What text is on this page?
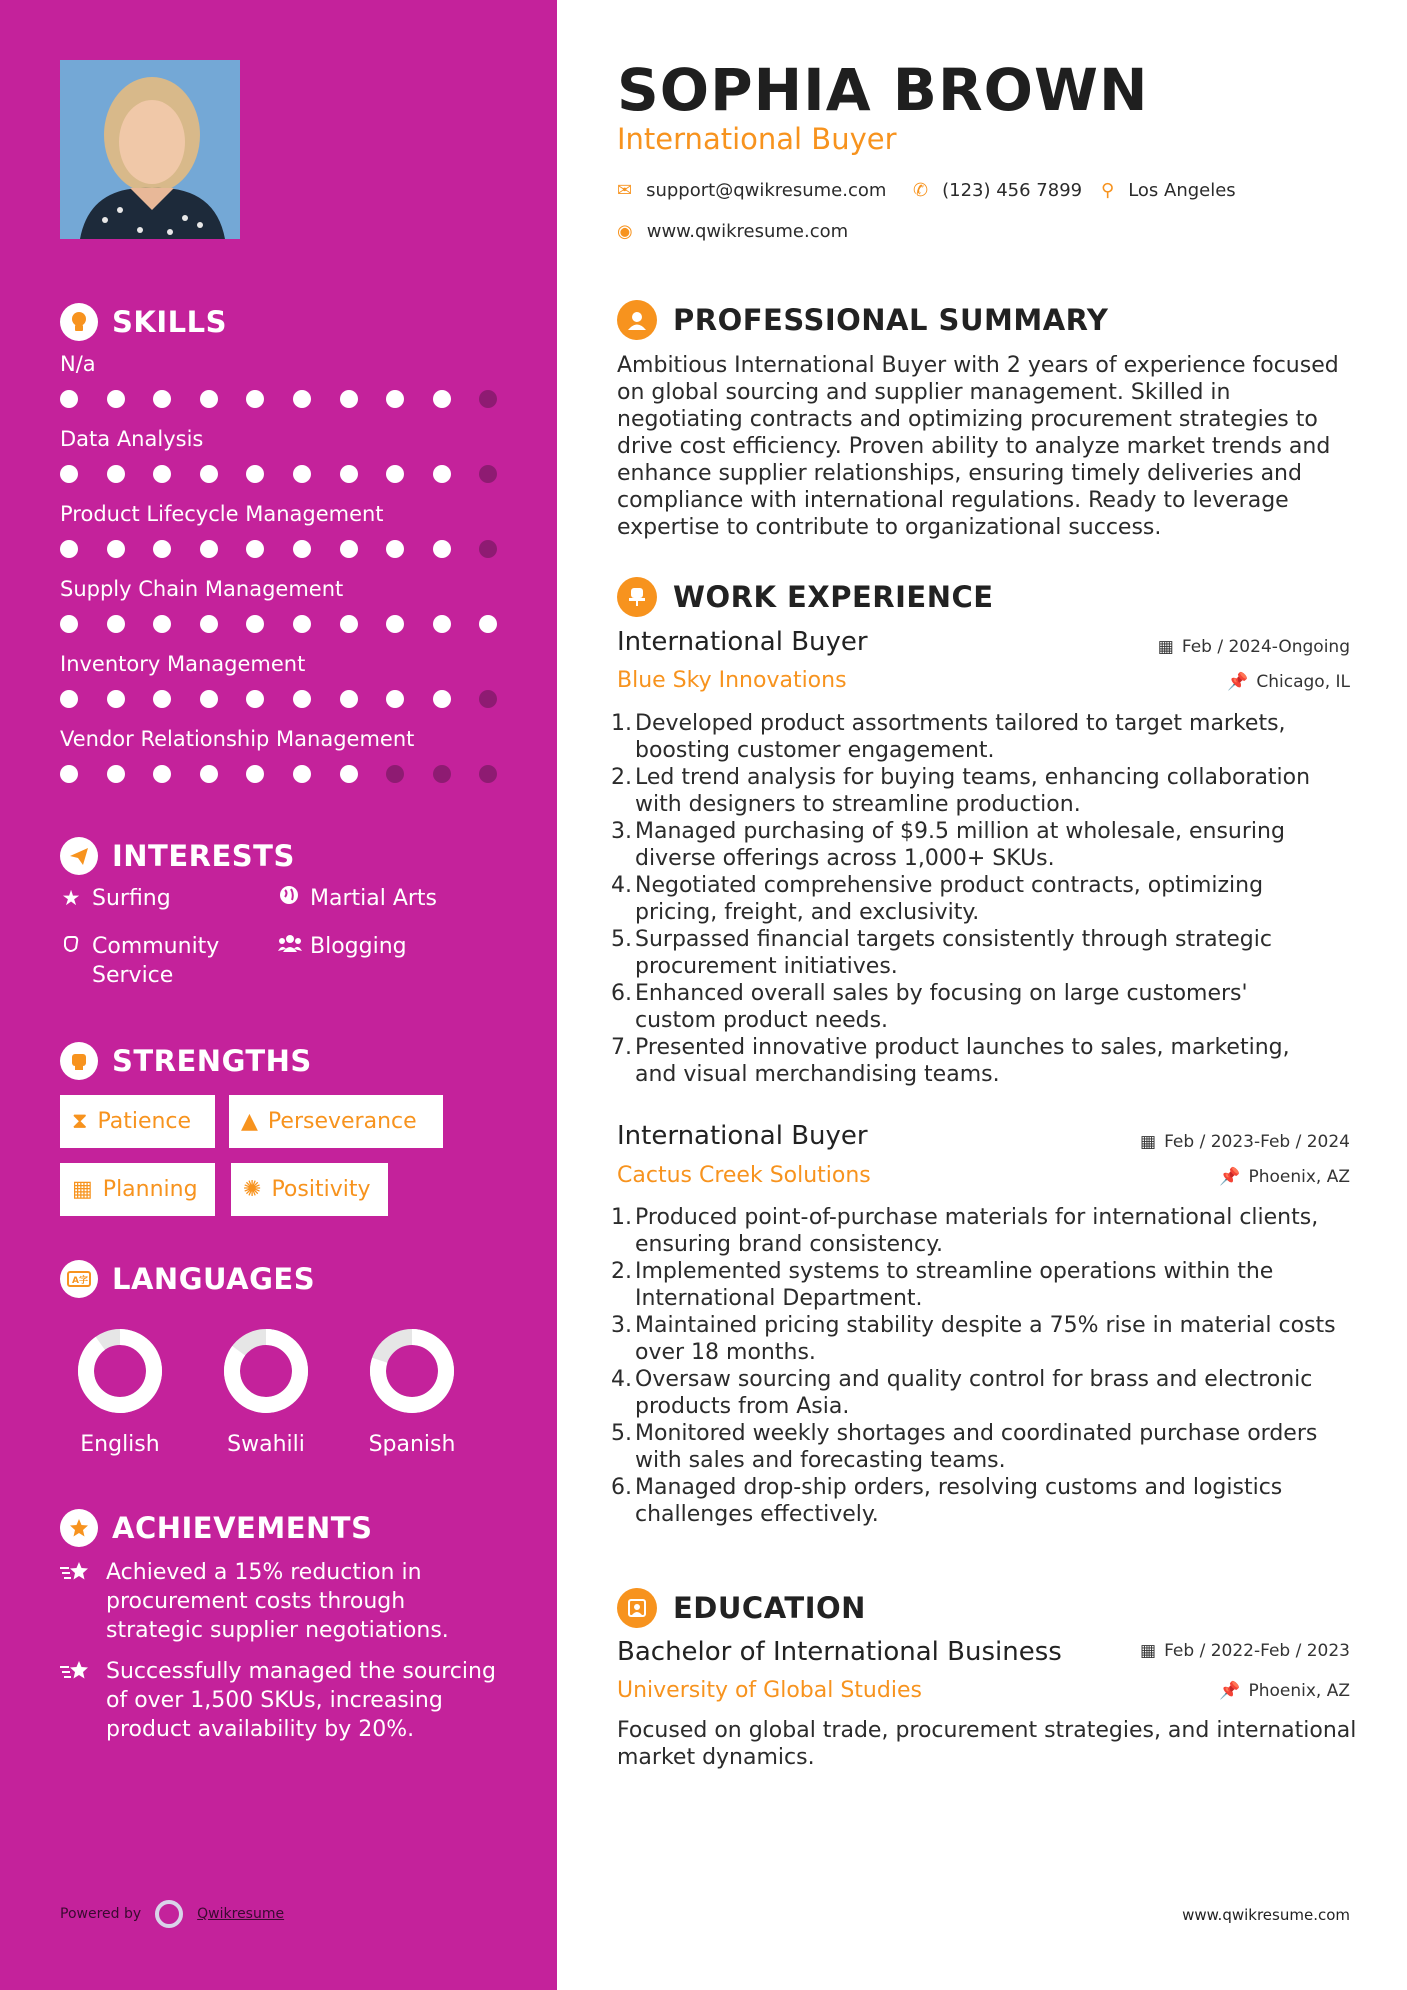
SKILLS
N/a
Data Analysis
Product Lifecycle Management
Supply Chain Management
Inventory Management
Vendor Relationship Management
INTERESTS
★ Surfing	Martial Arts
Community
Service
Blogging
STRENGTHS
⧗ Patience ▲ Perseverance
▦ Planning ✺ Positivity
A字 LANGUAGES
English	Swahili	Spanish
ACHIEVEMENTS
Achieved a 15% reduction in procurement costs through strategic supplier negotiations.
Successfully managed the sourcing of over 1,500 SKUs, increasing product availability by 20%.
Powered by	Qwikresume
SOPHIA BROWN
International Buyer
✉ support@qwikresume.com ✆ (123) 456 7899 ⚲ Los Angeles
◉ www.qwikresume.com
PROFESSIONAL SUMMARY
Ambitious International Buyer with 2 years of experience focused on global sourcing and supplier management. Skilled in negotiating contracts and optimizing procurement strategies to drive cost efficiency. Proven ability to analyze market trends and enhance supplier relationships, ensuring timely deliveries and compliance with international regulations. Ready to leverage expertise to contribute to organizational success.
WORK EXPERIENCE
International Buyer
Blue Sky Innovations
▦ Feb / 2024-Ongoing
📌 Chicago, IL
1. Developed product assortments tailored to target markets,
boosting customer engagement.
2. Led trend analysis for buying teams, enhancing collaboration
with designers to streamline production.
3. Managed purchasing of $9.5 million at wholesale, ensuring
diverse offerings across 1,000+ SKUs.
4. Negotiated comprehensive product contracts, optimizing
pricing, freight, and exclusivity.
5. Surpassed financial targets consistently through strategic
procurement initiatives.
6. Enhanced overall sales by focusing on large customers'
custom product needs.
7. Presented innovative product launches to sales, marketing,
and visual merchandising teams.
International Buyer
Cactus Creek Solutions
▦ Feb / 2023-Feb / 2024
📌 Phoenix, AZ
1. Produced point-of-purchase materials for international clients,
ensuring brand consistency.
2. Implemented systems to streamline operations within the
International Department.
3. Maintained pricing stability despite a 75% rise in material costs
over 18 months.
4. Oversaw sourcing and quality control for brass and electronic
products from Asia.
5. Monitored weekly shortages and coordinated purchase orders
with sales and forecasting teams.
6. Managed drop-ship orders, resolving customs and logistics
challenges effectively.
EDUCATION
Bachelor of International Business
University of Global Studies
▦ Feb / 2022-Feb / 2023
📌 Phoenix, AZ
Focused on global trade, procurement strategies, and international market dynamics.
www.qwikresume.com
